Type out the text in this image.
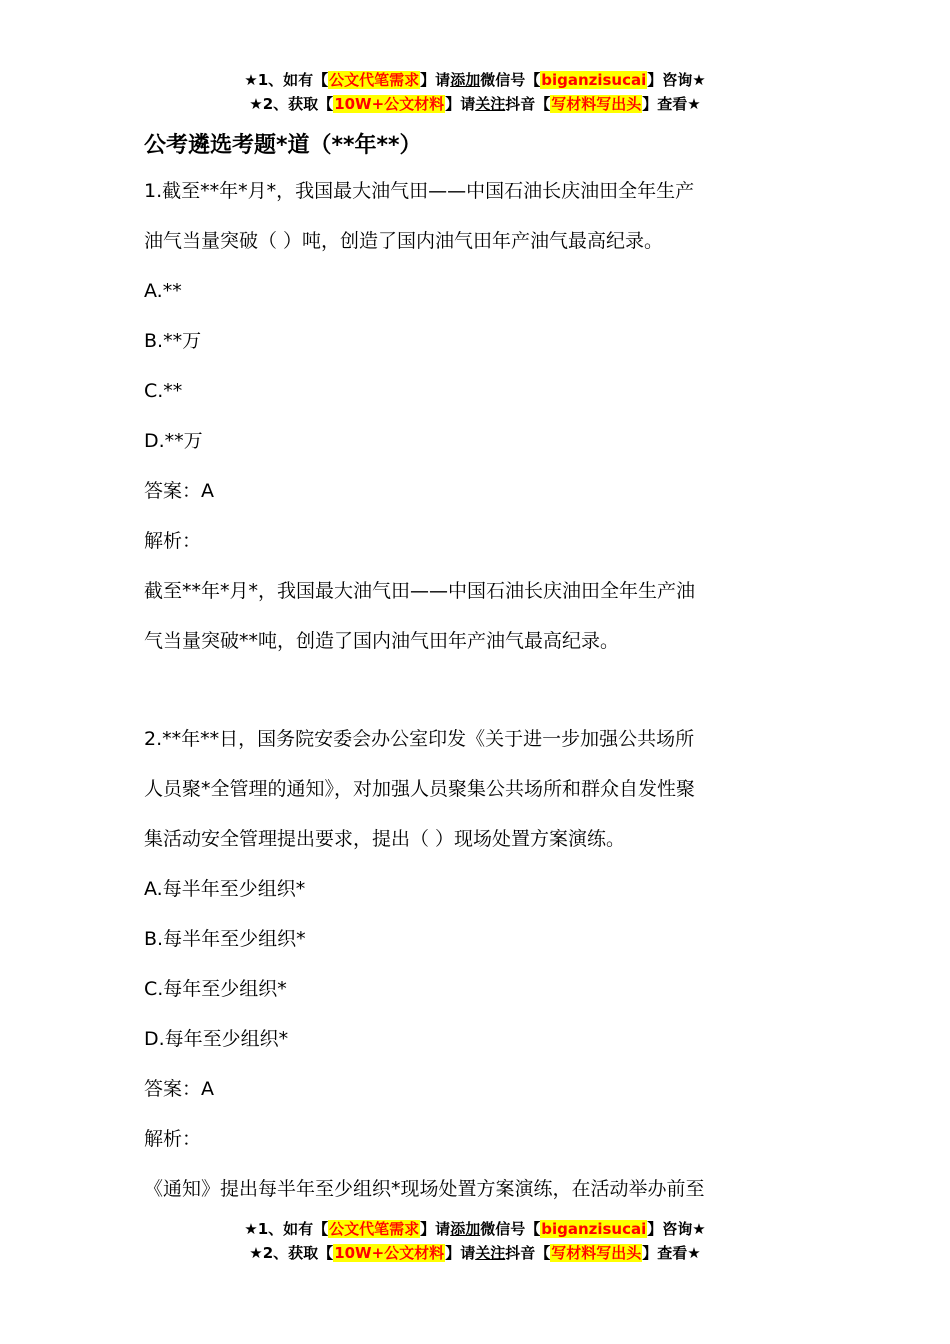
★1、如有【公文代笔需求】请添加微信号【biganzisucai】咨询★
★2、获取【10W+公文材料】请关注抖音【写材料写出头】查看★
公考遴选考题*道（**年**）

1.截至**年*月*，我国最大油气田——中国石油长庆油田全年生产

油气当量突破（ ）吨，创造了国内油气田年产油气最高纪录。

A.**

B.**万

C.**

D.**万

答案：A

解析：

截至**年*月*，我国最大油气田——中国石油长庆油田全年生产油

气当量突破**吨，创造了国内油气田年产油气最高纪录。

2.**年**日，国务院安委会办公室印发《关于进一步加强公共场所

人员聚*全管理的通知》，对加强人员聚集公共场所和群众自发性聚

集活动安全管理提出要求，提出（ ）现场处置方案演练。

A.每半年至少组织*

B.每半年至少组织*

C.每年至少组织*

D.每年至少组织*

答案：A

解析：

《通知》提出每半年至少组织*现场处置方案演练，在活动举办前至

★1、如有【公文代笔需求】请添加微信号【biganzisucai】咨询★
★2、获取【10W+公文材料】请关注抖音【写材料写出头】查看★
